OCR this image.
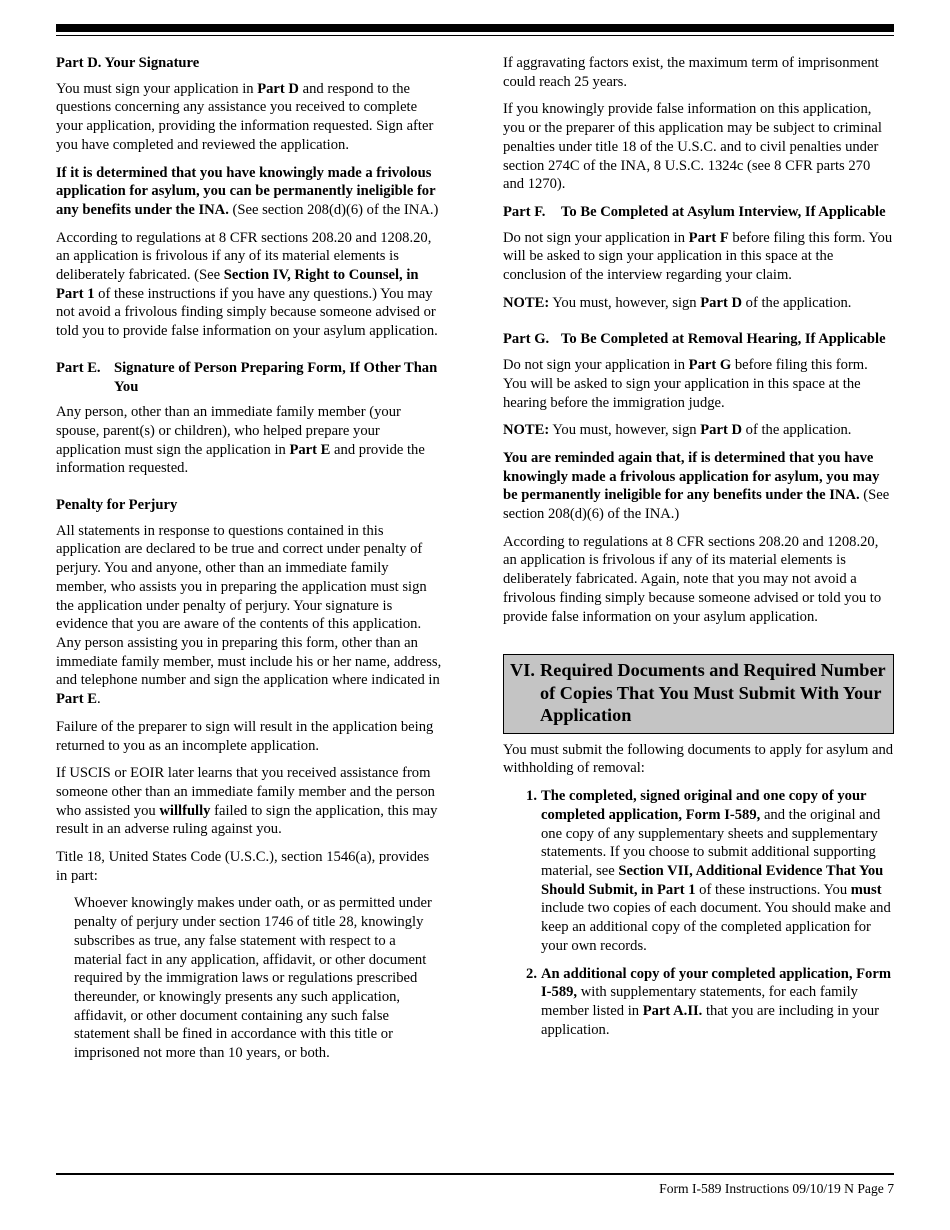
Part D. Your Signature

You must sign your application in Part D and respond to the questions concerning any assistance you received to complete your application, providing the information requested. Sign after you have completed and reviewed the application.

If it is determined that you have knowingly made a frivolous application for asylum, you can be permanently ineligible for any benefits under the INA. (See section 208(d)(6) of the INA.)

According to regulations at 8 CFR sections 208.20 and 1208.20, an application is frivolous if any of its material elements is deliberately fabricated. (See Section IV, Right to Counsel, in Part 1 of these instructions if you have any questions.) You may not avoid a frivolous finding simply because someone advised or told you to provide false information on your asylum application.

Part E. Signature of Person Preparing Form, If Other Than You

Any person, other than an immediate family member (your spouse, parent(s) or children), who helped prepare your application must sign the application in Part E and provide the information requested.

Penalty for Perjury

All statements in response to questions contained in this application are declared to be true and correct under penalty of perjury. You and anyone, other than an immediate family member, who assists you in preparing the application must sign the application under penalty of perjury. Your signature is evidence that you are aware of the contents of this application. Any person assisting you in preparing this form, other than an immediate family member, must include his or her name, address, and telephone number and sign the application where indicated in Part E.

Failure of the preparer to sign will result in the application being returned to you as an incomplete application.

If USCIS or EOIR later learns that you received assistance from someone other than an immediate family member and the person who assisted you willfully failed to sign the application, this may result in an adverse ruling against you.

Title 18, United States Code (U.S.C.), section 1546(a), provides in part:

Whoever knowingly makes under oath, or as permitted under penalty of perjury under section 1746 of title 28, knowingly subscribes as true, any false statement with respect to a material fact in any application, affidavit, or other document required by the immigration laws or regulations prescribed thereunder, or knowingly presents any such application, affidavit, or other document containing any such false statement shall be fined in accordance with this title or imprisoned not more than 10 years, or both.

If aggravating factors exist, the maximum term of imprisonment could reach 25 years.

If you knowingly provide false information on this application, you or the preparer of this application may be subject to criminal penalties under title 18 of the U.S.C. and to civil penalties under section 274C of the INA, 8 U.S.C. 1324c (see 8 CFR parts 270 and 1270).

Part F.	To Be Completed at Asylum Interview, If Applicable

Do not sign your application in Part F before filing this form. You will be asked to sign your application in this space at the conclusion of the interview regarding your claim.

NOTE: You must, however, sign Part D of the application.

Part G. To Be Completed at Removal Hearing, If Applicable

Do not sign your application in Part G before filing this form. You will be asked to sign your application in this space at the hearing before the immigration judge.

NOTE: You must, however, sign Part D of the application.

You are reminded again that, if is determined that you have knowingly made a frivolous application for asylum, you may be permanently ineligible for any benefits under the INA. (See section 208(d)(6) of the INA.)

According to regulations at 8 CFR sections 208.20 and 1208.20, an application is frivolous if any of its material elements is deliberately fabricated. Again, note that you may not avoid a frivolous finding simply because someone advised or told you to provide false information on your asylum application.

VI. Required Documents and Required Number of Copies That You Must Submit With Your Application

You must submit the following documents to apply for asylum and withholding of removal:

1. The completed, signed original and one copy of your completed application, Form I-589, and the original and one copy of any supplementary sheets and supplementary statements. If you choose to submit additional supporting material, see Section VII, Additional Evidence That You Should Submit, in Part 1 of these instructions. You must include two copies of each document. You should make and keep an additional copy of the completed application for your own records.
2. An additional copy of your completed application, Form I-589, with supplementary statements, for each family member listed in Part A.II. that you are including in your application.
Form I-589 Instructions 09/10/19 N Page 7
